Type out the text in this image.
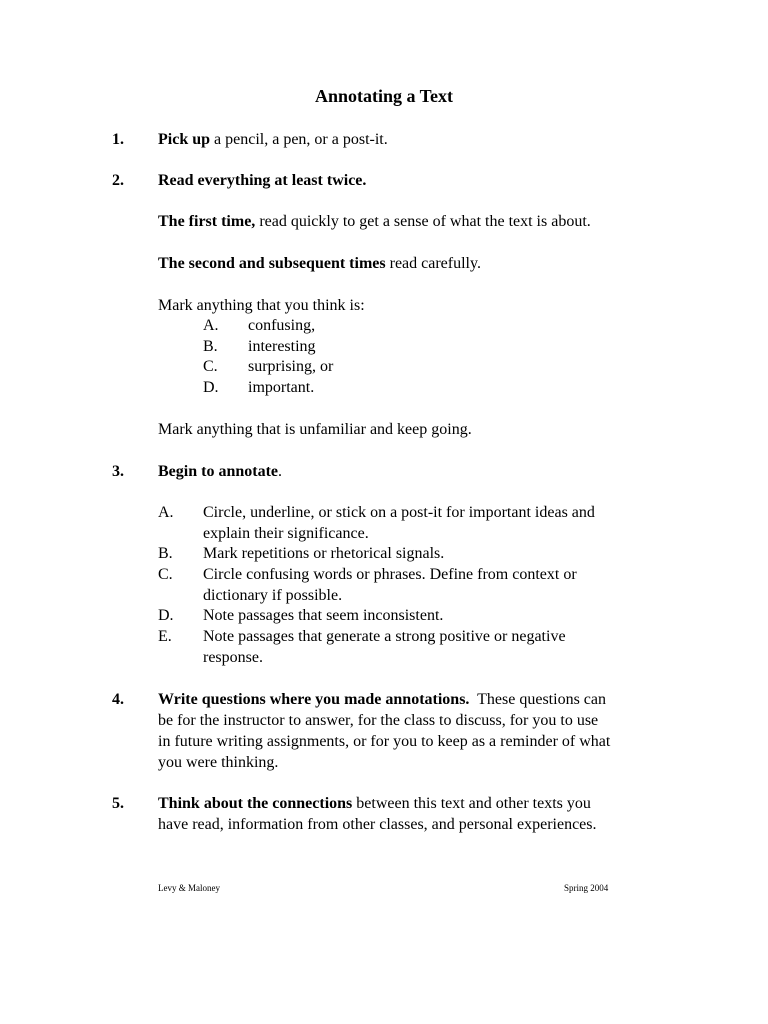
Annotating a Text
1. Pick up a pencil, a pen, or a post-it.
2. Read everything at least twice.
The first time, read quickly to get a sense of what the text is about.
The second and subsequent times read carefully.
Mark anything that you think is:
A. confusing,
B. interesting
C. surprising, or
D. important.
Mark anything that is unfamiliar and keep going.
3. Begin to annotate.
A. Circle, underline, or stick on a post-it for important ideas and
explain their significance.
B. Mark repetitions or rhetorical signals.
C. Circle confusing words or phrases. Define from context or
dictionary if possible.
D. Note passages that seem inconsistent.
E. Note passages that generate a strong positive or negative
response.
4. Write questions where you made annotations.  These questions can
be for the instructor to answer, for the class to discuss, for you to use
in future writing assignments, or for you to keep as a reminder of what
you were thinking.
5. Think about the connections between this text and other texts you
have read, information from other classes, and personal experiences.
Levy & Maloney	Spring 2004
